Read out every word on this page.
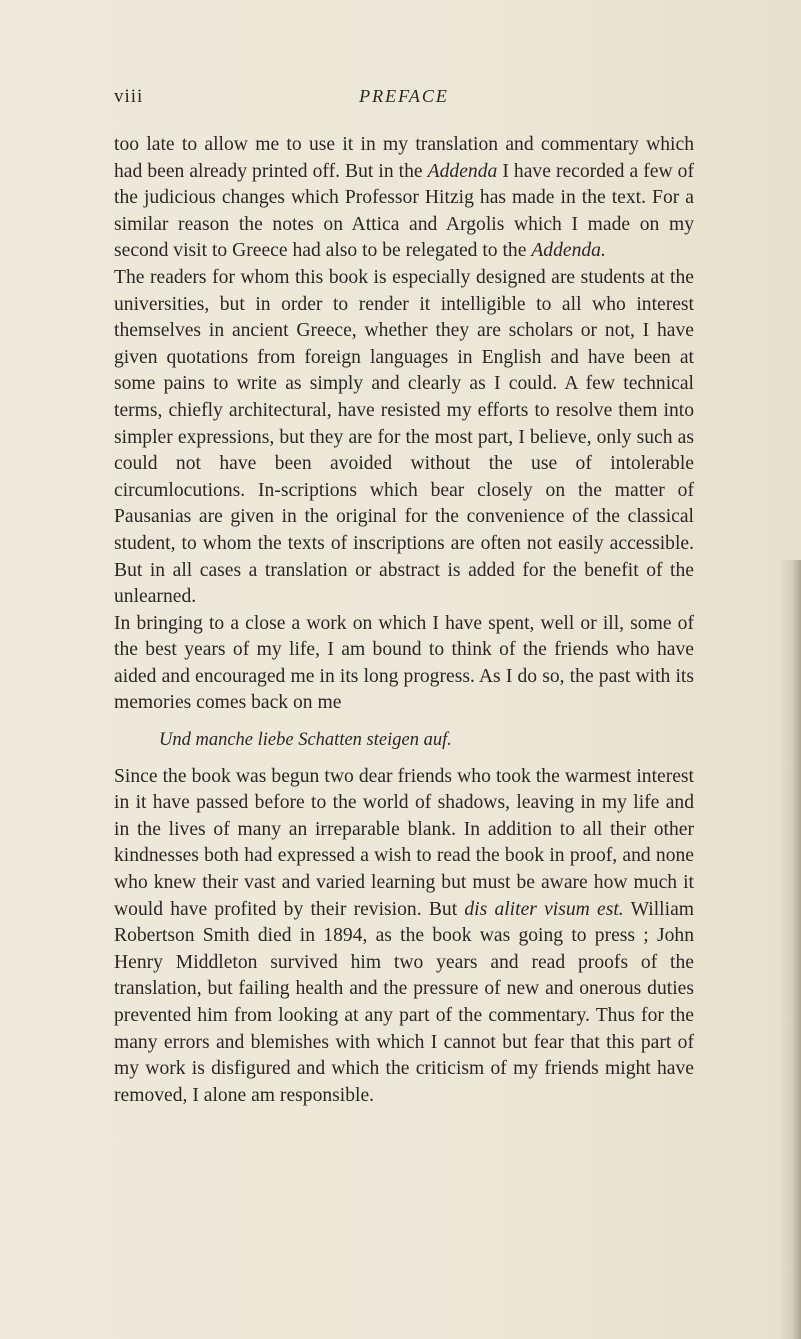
viii	PREFACE

too late to allow me to use it in my translation and commentary which had been already printed off. But in the Addenda I have recorded a few of the judicious changes which Professor Hitzig has made in the text. For a similar reason the notes on Attica and Argolis which I made on my second visit to Greece had also to be relegated to the Addenda.

The readers for whom this book is especially designed are students at the universities, but in order to render it intelligible to all who interest themselves in ancient Greece, whether they are scholars or not, I have given quotations from foreign languages in English and have been at some pains to write as simply and clearly as I could. A few technical terms, chiefly architectural, have resisted my efforts to resolve them into simpler expressions, but they are for the most part, I believe, only such as could not have been avoided without the use of intolerable circumlocutions. In-scriptions which bear closely on the matter of Pausanias are given in the original for the convenience of the classical student, to whom the texts of inscriptions are often not easily accessible. But in all cases a translation or abstract is added for the benefit of the unlearned.

In bringing to a close a work on which I have spent, well or ill, some of the best years of my life, I am bound to think of the friends who have aided and encouraged me in its long progress. As I do so, the past with its memories comes back on me

Und manche liebe Schatten steigen auf.

Since the book was begun two dear friends who took the warmest interest in it have passed before to the world of shadows, leaving in my life and in the lives of many an irreparable blank. In addition to all their other kindnesses both had expressed a wish to read the book in proof, and none who knew their vast and varied learning but must be aware how much it would have profited by their revision. But dis aliter visum est. William Robertson Smith died in 1894, as the book was going to press ; John Henry Middleton survived him two years and read proofs of the translation, but failing health and the pressure of new and onerous duties prevented him from looking at any part of the commentary. Thus for the many errors and blemishes with which I cannot but fear that this part of my work is disfigured and which the criticism of my friends might have removed, I alone am responsible.
